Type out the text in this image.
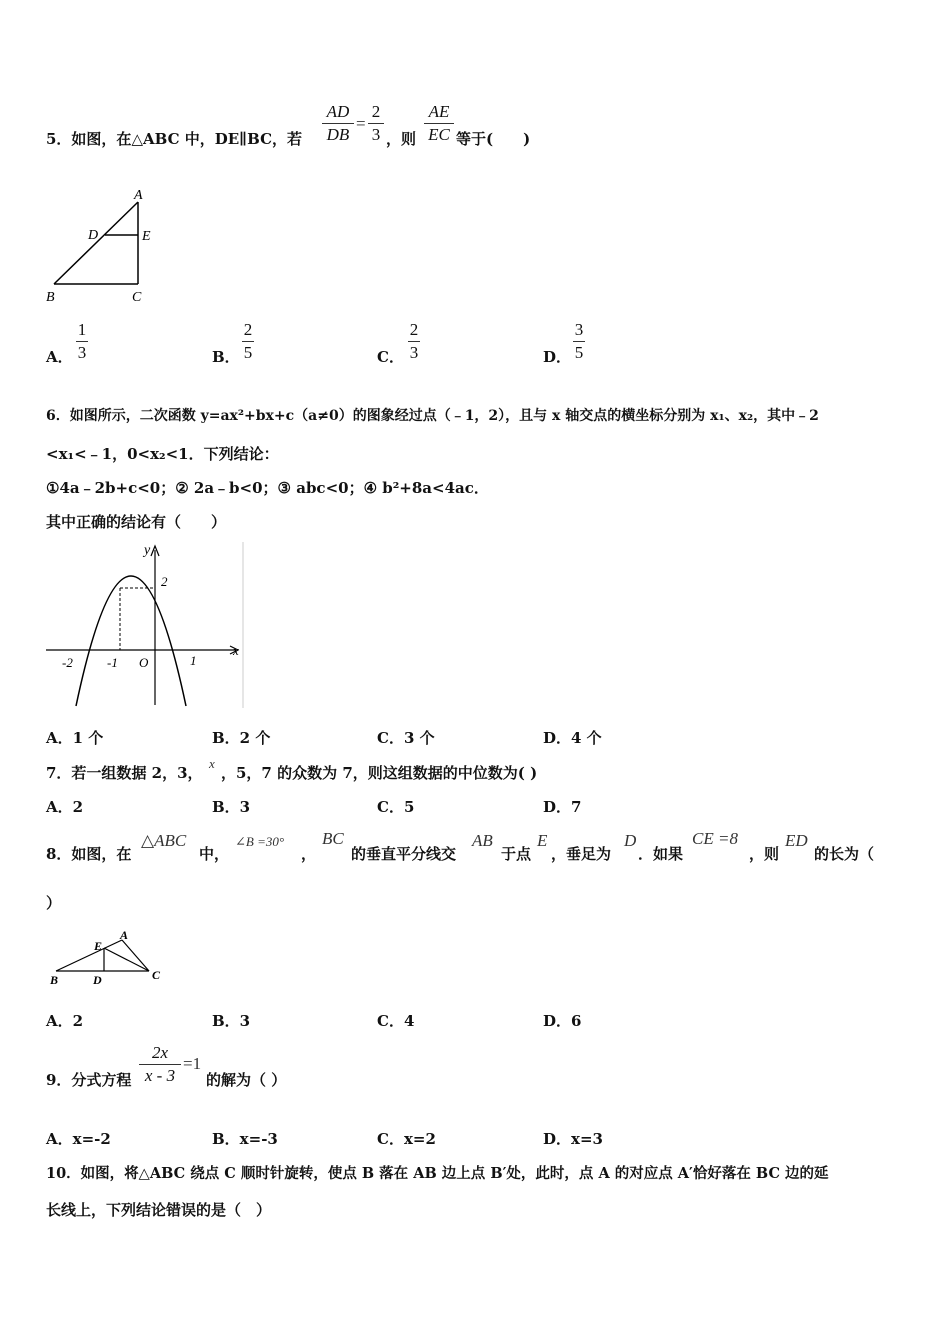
5．如图，在△ABC 中，DE∥BC，若
AD
DB
=
2
3 ，则
AE
EC 等于(　　)
A
D	E
B	C
A．
1
3	B．
2
5	C．
2
3	D．
3
5
6．如图所示，二次函数 y=ax²+bx+c（a≠0）的图象经过点（﹣1，2），且与 x 轴交点的横坐标分别为 x₁、x₂，其中﹣2
<x₁<﹣1，0<x₂<1．下列结论：
①4a﹣2b+c<0；② 2a﹣b<0；③ abc<0；④ b²+8a<4ac．
其中正确的结论有（　　）
y
x
-2	-1 O	1
2
A．1 个	B．2 个	C．3 个	D．4 个
7．若一组数据 2，3，
x
，5，7 的众数为 7，则这组数据的中位数为( )
A．2	B．3	C．5	D．7
8．如图，在
△ABC
中，
∠B =30°
，
BC
的垂直平分线交
AB
于点
E
，垂足为
D
．如果
CE =8
，则
ED
的长为（
）
A
E
B	D	C
A．2	B．3	C．4	D．6
9．分式方程
2x
x - 3
=1
的解为（ ）
A．x=-2	B．x=-3	C．x=2	D．x=3
10．如图，将△ABC 绕点 C 顺时针旋转，使点 B 落在 AB 边上点 B′处，此时，点 A 的对应点 A′恰好落在 BC 边的延
长线上，下列结论错误的是（　）
